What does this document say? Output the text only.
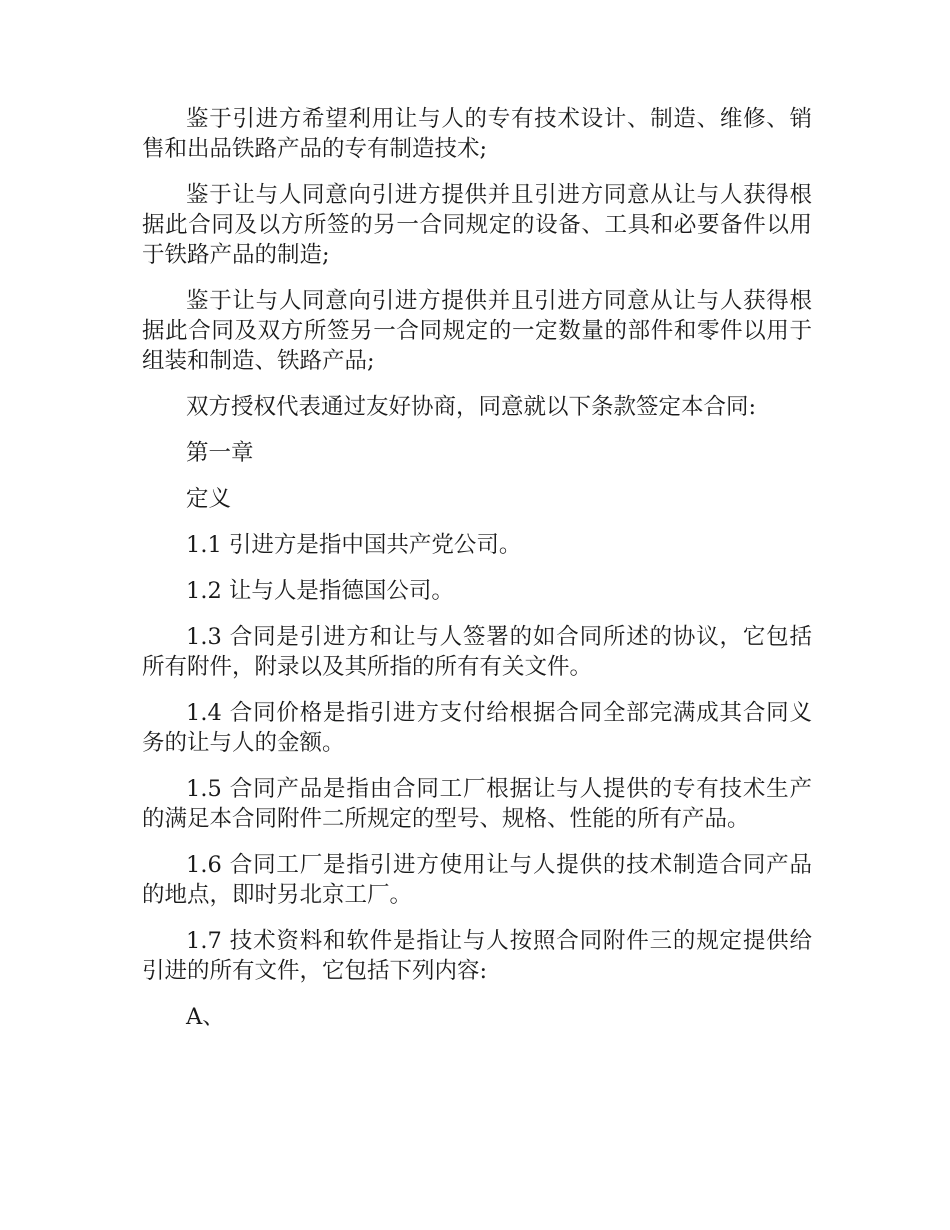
鉴于引进方希望利用让与人的专有技术设计、制造、维修、销售和出品铁路产品的专有制造技术;

鉴于让与人同意向引进方提供并且引进方同意从让与人获得根据此合同及以方所签的另一合同规定的设备、工具和必要备件以用于铁路产品的制造;

鉴于让与人同意向引进方提供并且引进方同意从让与人获得根据此合同及双方所签另一合同规定的一定数量的部件和零件以用于组装和制造、铁路产品;

双方授权代表通过友好协商，同意就以下条款签定本合同:

第一章

定义

1.1 引进方是指中国共产党公司。

1.2 让与人是指德国公司。

1.3 合同是引进方和让与人签署的如合同所述的协议，它包括所有附件，附录以及其所指的所有有关文件。

1.4 合同价格是指引进方支付给根据合同全部完满成其合同义务的让与人的金额。

1.5 合同产品是指由合同工厂根据让与人提供的专有技术生产的满足本合同附件二所规定的型号、规格、性能的所有产品。

1.6 合同工厂是指引进方使用让与人提供的技术制造合同产品的地点，即时另北京工厂。

1.7 技术资料和软件是指让与人按照合同附件三的规定提供给引进的所有文件，它包括下列内容:

A、
